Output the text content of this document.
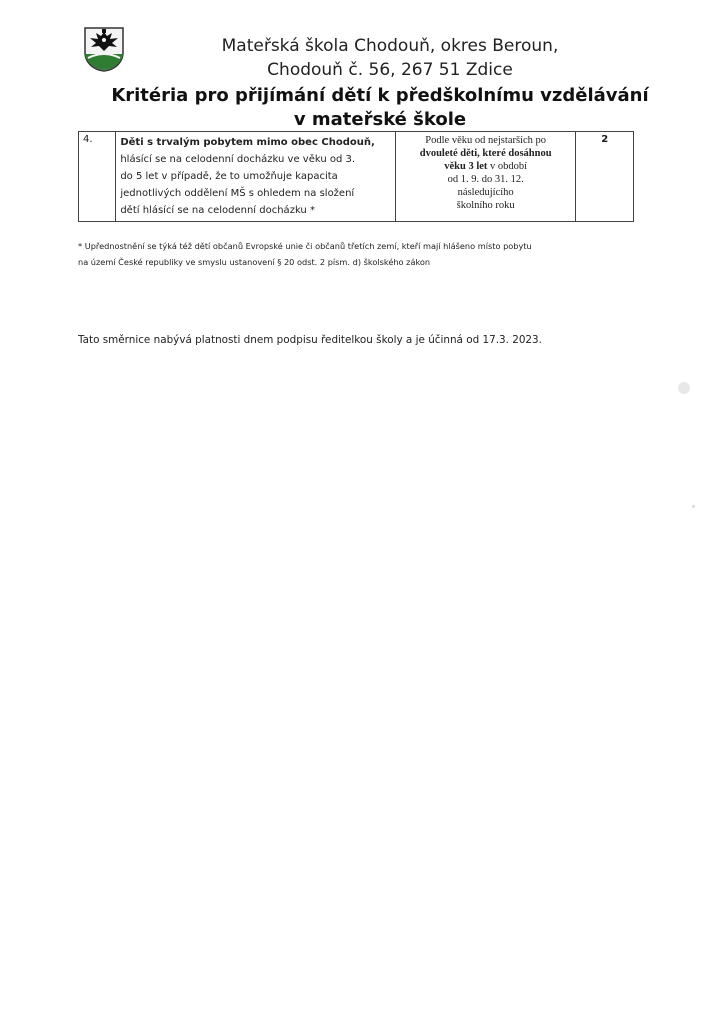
Mateřská škola Chodouň, okres Beroun,
Chodouň č. 56, 267 51 Zdice
Kritéria pro přijímání dětí k předškolnímu vzdělávání
v mateřské škole
4.	Děti s trvalým pobytem mimo obec Chodouň,
hlásící se na celodenní docházku ve věku od 3.
do 5 let v případě, že to umožňuje kapacita
jednotlivých oddělení MŠ s ohledem na složení
dětí hlásící se na celodenní docházku *	Podle věku od nejstarších po
dvouleté děti, které dosáhnou
věku 3 let v období
od 1. 9. do 31. 12.
následujícího
školního roku	2
* Upřednostnění se týká též dětí občanů Evropské unie či občanů třetích zemí, kteří mají hlášeno místo pobytu
na území České republiky ve smyslu ustanovení § 20 odst. 2 písm. d) školského zákon
Tato směrnice nabývá platnosti dnem podpisu ředitelkou školy a je účinná od 17.3. 2023.
